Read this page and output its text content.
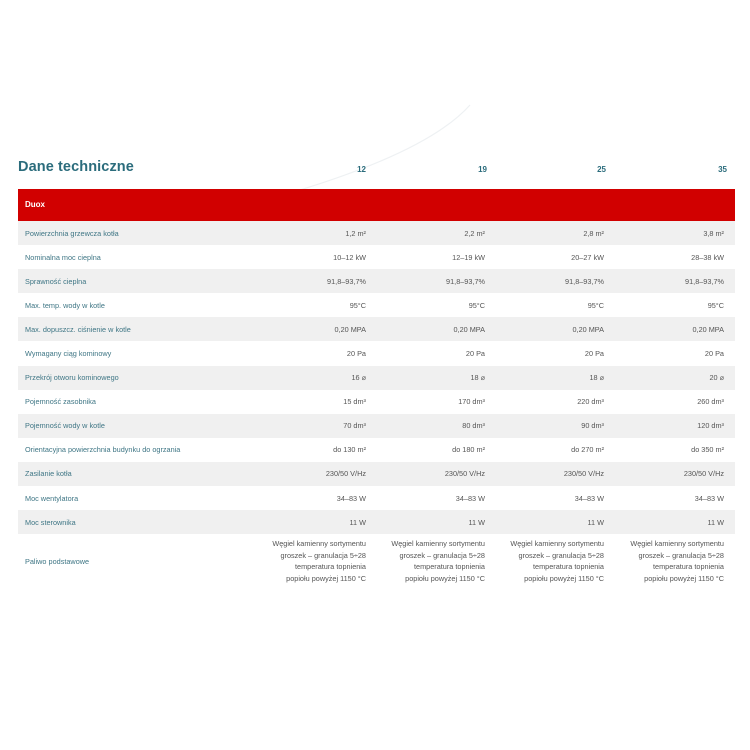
Dane techniczne	12	19	25	35
Duox
Powierzchnia grzewcza kotła	1,2 m²	2,2 m²	2,8 m²	3,8 m²
Nominalna moc cieplna	10–12 kW	12–19 kW	20–27 kW	28–38 kW
Sprawność cieplna	91,8–93,7%	91,8–93,7%	91,8–93,7%	91,8–93,7%
Max. temp. wody w kotle	95°C	95°C	95°C	95°C
Max. dopuszcz. ciśnienie w kotle	0,20 MPA	0,20 MPA	0,20 MPA	0,20 MPA
Wymagany ciąg kominowy	20 Pa	20 Pa	20 Pa	20 Pa
Przekrój otworu kominowego	16 ⌀	18 ⌀	18 ⌀	20 ⌀
Pojemność zasobnika	15 dm³	170 dm³	220 dm³	260 dm³
Pojemność wody w kotle	70 dm³	80 dm³	90 dm³	120 dm³
Orientacyjna powierzchnia budynku do ogrzania	do 130 m²	do 180 m²	do 270 m²	do 350 m²
Zasilanie kotła	230/50 V/Hz	230/50 V/Hz	230/50 V/Hz	230/50 V/Hz
Moc wentylatora	34–83 W	34–83 W	34–83 W	34–83 W
Moc sterownika	11 W	11 W	11 W	11 W
Paliwo podstawowe	Węgiel kamienny sortymentu
groszek – granulacja 5÷28
temperatura topnienia
popiołu powyżej 1150 °C	Węgiel kamienny sortymentu
groszek – granulacja 5÷28
temperatura topnienia
popiołu powyżej 1150 °C	Węgiel kamienny sortymentu
groszek – granulacja 5÷28
temperatura topnienia
popiołu powyżej 1150 °C	Węgiel kamienny sortymentu
groszek – granulacja 5÷28
temperatura topnienia
popiołu powyżej 1150 °C
